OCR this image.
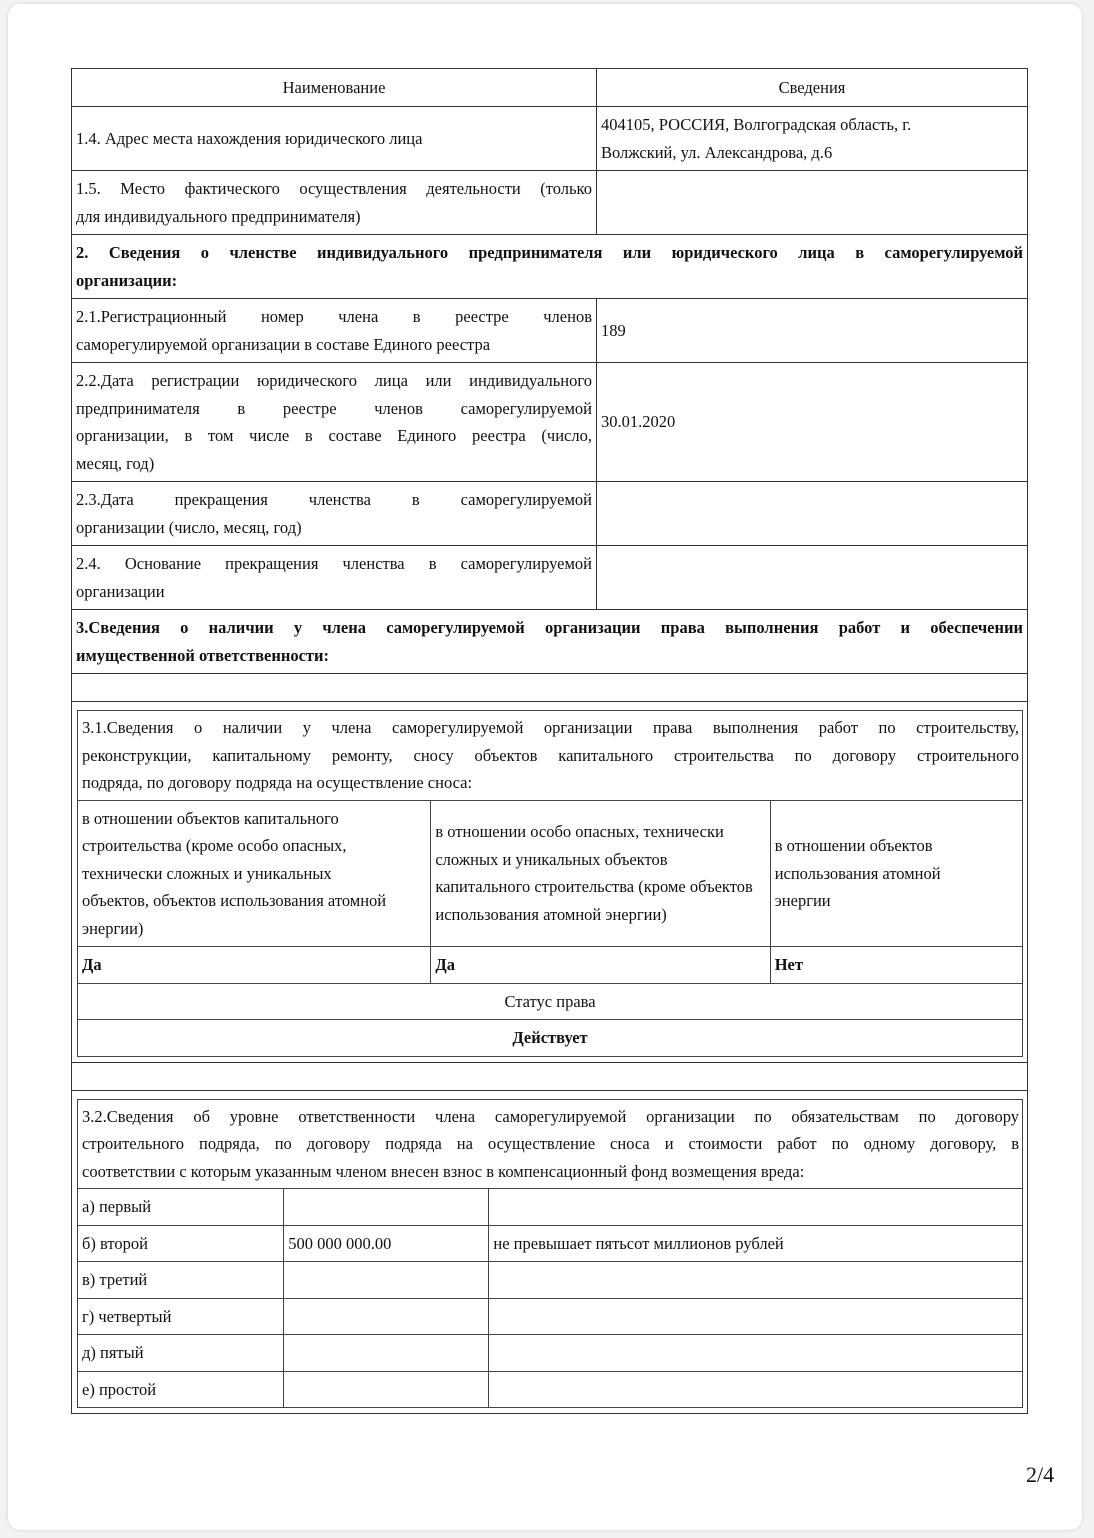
Наименование	Сведения
1.4. Адрес места нахождения юридического лица	
404105, РОССИЯ, Волгоградская область, г.
Волжский, ул. Александрова, д.6

1.5. Место фактического осуществления деятельности (только
для индивидуального предпринимателя)

2. Сведения о членстве индивидуального предпринимателя или юридического лица в саморегулируемой
организации:

2.1.Регистрационный номер члена в реестре членов
саморегулируемой организации в составе Единого реестра
	189

2.2.Дата регистрации юридического лица или индивидуального
предпринимателя в реестре членов саморегулируемой
организации, в том числе в составе Единого реестра (число,
месяц, год)
	30.01.2020

2.3.Дата прекращения членства в саморегулируемой
организации (число, месяц, год)

2.4. Основание прекращения членства в саморегулируемой
организации

3.Сведения о наличии у члена саморегулируемой организации права выполнения работ и обеспечении
имущественной ответственности:

3.1.Сведения о наличии у члена саморегулируемой организации права выполнения работ по строительству,
реконструкции, капитальному ремонту, сносу объектов капитального строительства по договору строительного
подряда, по договору подряда на осуществление сноса:

в отношении объектов капитального строительства (кроме особо опасных, технически сложных и уникальных объектов, объектов использования атомной энергии)	в отношении особо опасных, технически сложных и уникальных объектов капитального строительства (кроме объектов использования атомной энергии)	в отношении объектов использования атомной энергии
Да	Да	Нет
Статус права
Действует

3.2.Сведения об уровне ответственности члена саморегулируемой организации по обязательствам по договору
строительного подряда, по договору подряда на осуществление сноса и стоимости работ по одному договору, в
соответствии с которым указанным членом внесен взнос в компенсационный фонд возмещения вреда:

а) первый		
б) второй	500 000 000.00	не превышает пятьсот миллионов рублей
в) третий		
г) четвертый		
д) пятый		
е) простой		
2/4
